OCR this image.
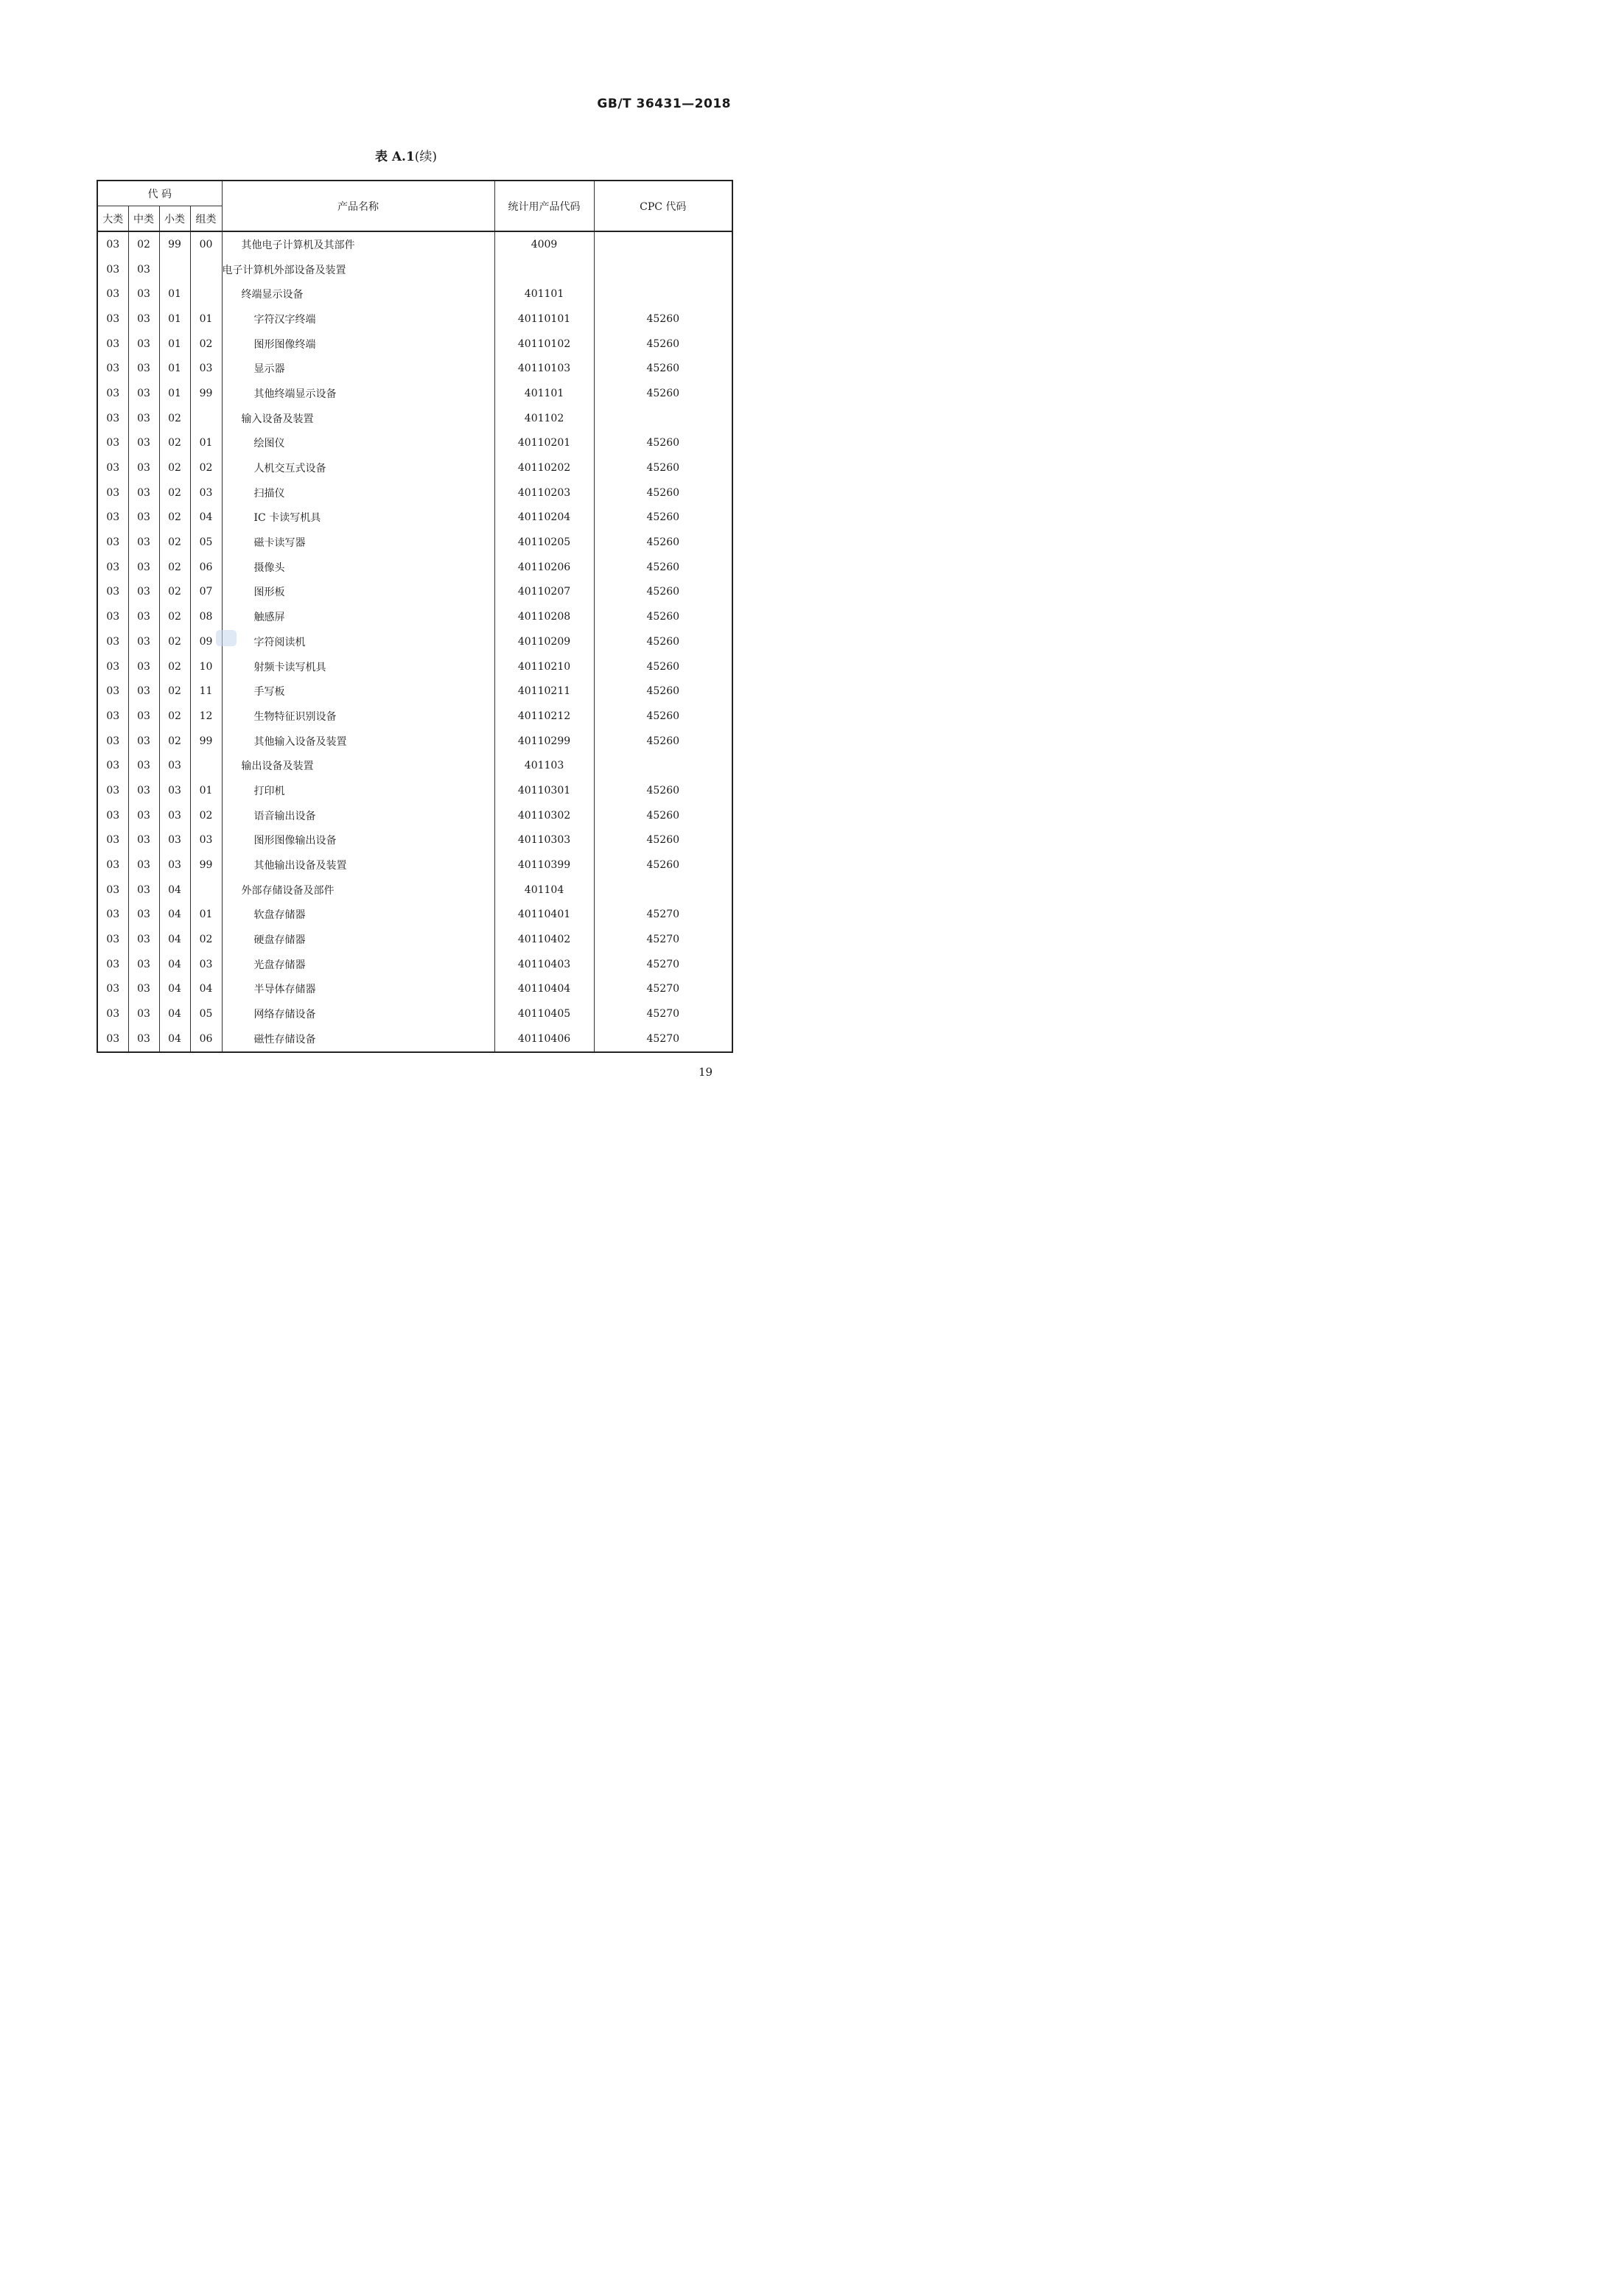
GB/T 36431—2018
表 A.1(续)
代 码				产品名称	统计用产品代码	CPC 代码
大类	中类	小类	组类			
03	02	99	00	其他电子计算机及其部件	4009	
03	03			电子计算机外部设备及装置		
03	03	01		终端显示设备	401101	
03	03	01	01	字符汉字终端	40110101	45260
03	03	01	02	图形图像终端	40110102	45260
03	03	01	03	显示器	40110103	45260
03	03	01	99	其他终端显示设备	401101	45260
03	03	02		输入设备及装置	401102	
03	03	02	01	绘图仪	40110201	45260
03	03	02	02	人机交互式设备	40110202	45260
03	03	02	03	扫描仪	40110203	45260
03	03	02	04	IC 卡读写机具	40110204	45260
03	03	02	05	磁卡读写器	40110205	45260
03	03	02	06	摄像头	40110206	45260
03	03	02	07	图形板	40110207	45260
03	03	02	08	触感屏	40110208	45260
03	03	02	09	字符阅读机	40110209	45260
03	03	02	10	射频卡读写机具	40110210	45260
03	03	02	11	手写板	40110211	45260
03	03	02	12	生物特征识别设备	40110212	45260
03	03	02	99	其他输入设备及装置	40110299	45260
03	03	03		输出设备及装置	401103	
03	03	03	01	打印机	40110301	45260
03	03	03	02	语音输出设备	40110302	45260
03	03	03	03	图形图像输出设备	40110303	45260
03	03	03	99	其他输出设备及装置	40110399	45260
03	03	04		外部存储设备及部件	401104	
03	03	04	01	软盘存储器	40110401	45270
03	03	04	02	硬盘存储器	40110402	45270
03	03	04	03	光盘存储器	40110403	45270
03	03	04	04	半导体存储器	40110404	45270
03	03	04	05	网络存储设备	40110405	45270
03	03	04	06	磁性存储设备	40110406	45270
19
